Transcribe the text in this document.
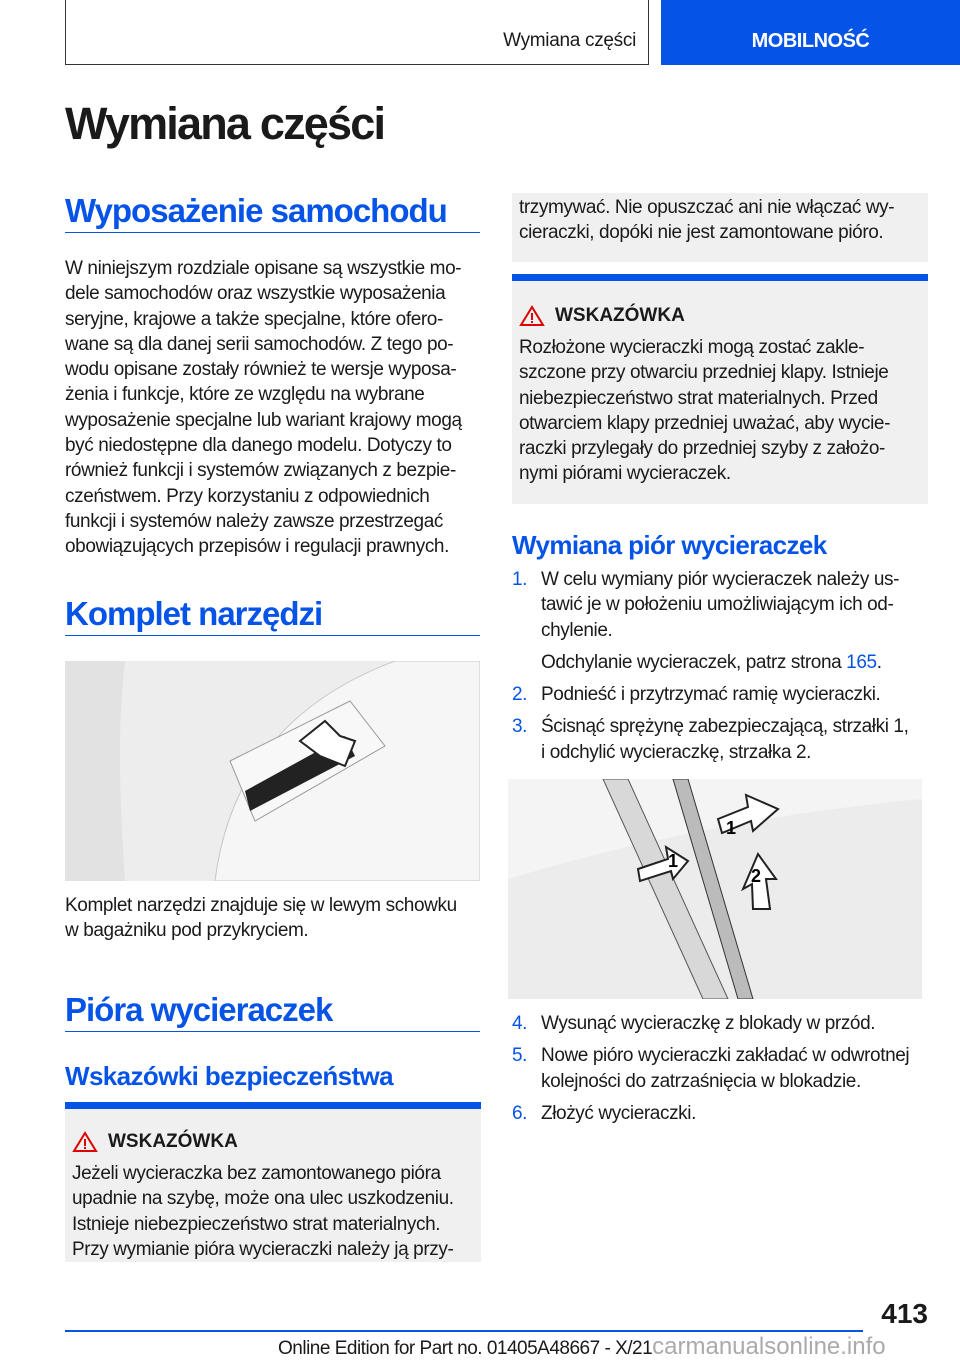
Wymiana części	MOBILNOŚĆ
Wymiana części
Wyposażenie samochodu
W niniejszym rozdziale opisane są wszystkie mo-
dele samochodów oraz wszystkie wyposażenia
seryjne, krajowe a także specjalne, które ofero-
wane są dla danej serii samochodów. Z tego po-
wodu opisane zostały również te wersje wyposa-
żenia i funkcje, które ze względu na wybrane
wyposażenie specjalne lub wariant krajowy mogą
być niedostępne dla danego modelu. Dotyczy to
również funkcji i systemów związanych z bezpie-
czeństwem. Przy korzystaniu z odpowiednich
funkcji i systemów należy zawsze przestrzegać
obowiązujących przepisów i regulacji prawnych.
Komplet narzędzi
Komplet narzędzi znajduje się w lewym schowku
w bagażniku pod przykryciem.
Pióra wycieraczek
Wskazówki bezpieczeństwa
WSKAZÓWKA
Jeżeli wycieraczka bez zamontowanego pióra
upadnie na szybę, może ona ulec uszkodzeniu.
Istnieje niebezpieczeństwo strat materialnych.
Przy wymianie pióra wycieraczki należy ją przy-
trzymywać. Nie opuszczać ani nie włączać wy-
cieraczki, dopóki nie jest zamontowane pióro.
WSKAZÓWKA
Rozłożone wycieraczki mogą zostać zakle-
szczone przy otwarciu przedniej klapy. Istnieje
niebezpieczeństwo strat materialnych. Przed
otwarciem klapy przedniej uważać, aby wycie-
raczki przylegały do przedniej szyby z założo-
nymi piórami wycieraczek.
Wymiana piór wycieraczek
1. W celu wymiany piór wycieraczek należy us-
tawić je w położeniu umożliwiającym ich od-
chylenie.
Odchylanie wycieraczek, patrz strona 165.
2. Podnieść i przytrzymać ramię wycieraczki.
3. Ścisnąć sprężynę zabezpieczającą, strzałki 1,
i odchylić wycieraczkę, strzałka 2.
1
1
2
4. Wysunąć wycieraczkę z blokady w przód.
5. Nowe pióro wycieraczki zakładać w odwrotnej
kolejności do zatrzaśnięcia w blokadzie.
6. Złożyć wycieraczki.
413
Online Edition for Part no. 01405A48667 - X/21carmanualsonline.info
